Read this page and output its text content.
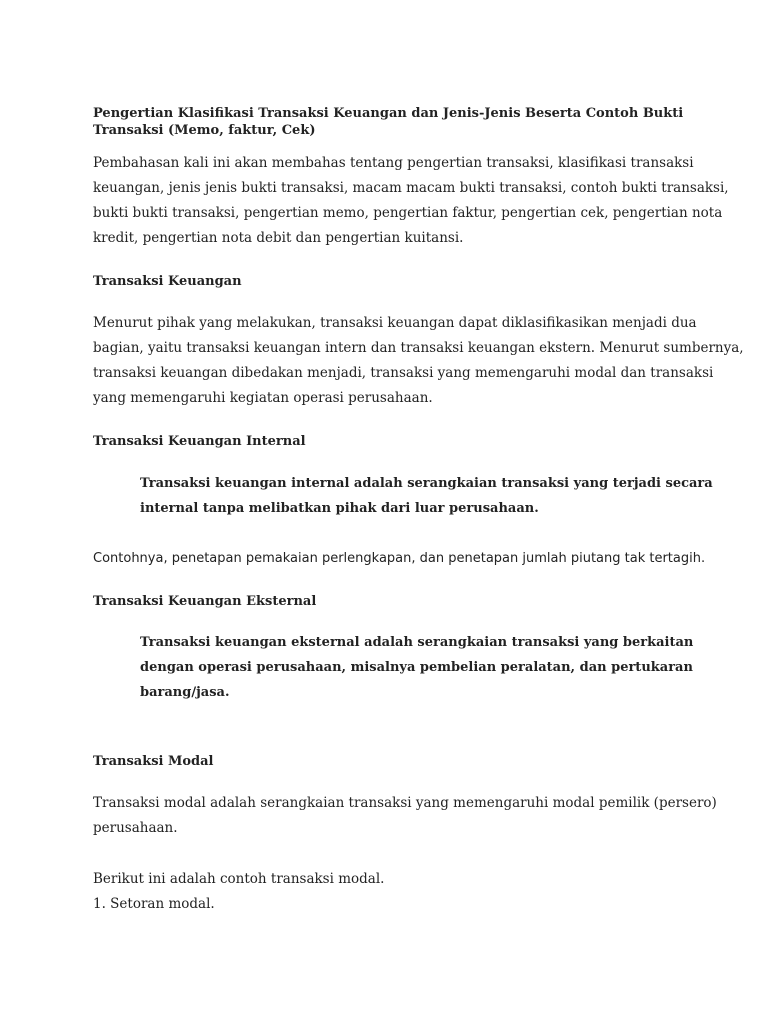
Pengertian Klasifikasi Transaksi Keuangan dan Jenis-Jenis Beserta Contoh Bukti
Transaksi (Memo, faktur, Cek)
Pembahasan kali ini akan membahas tentang pengertian transaksi, klasifikasi transaksi
keuangan, jenis jenis bukti transaksi, macam macam bukti transaksi, contoh bukti transaksi,
bukti bukti transaksi, pengertian memo, pengertian faktur, pengertian cek, pengertian nota
kredit, pengertian nota debit dan pengertian kuitansi.
Transaksi Keuangan
Menurut pihak yang melakukan, transaksi keuangan dapat diklasifikasikan menjadi dua
bagian, yaitu transaksi keuangan intern dan transaksi keuangan ekstern. Menurut sumbernya,
transaksi keuangan dibedakan menjadi, transaksi yang memengaruhi modal dan transaksi
yang memengaruhi kegiatan operasi perusahaan.
Transaksi Keuangan Internal
Transaksi keuangan internal adalah serangkaian transaksi yang terjadi secara
internal tanpa melibatkan pihak dari luar perusahaan.
Contohnya, penetapan pemakaian perlengkapan, dan penetapan jumlah piutang tak tertagih.
Transaksi Keuangan Eksternal
Transaksi keuangan eksternal adalah serangkaian transaksi yang berkaitan
dengan operasi perusahaan, misalnya pembelian peralatan, dan pertukaran
barang/jasa.
Transaksi Modal
Transaksi modal adalah serangkaian transaksi yang memengaruhi modal pemilik (persero)
perusahaan.
Berikut ini adalah contoh transaksi modal.
1. Setoran modal.
